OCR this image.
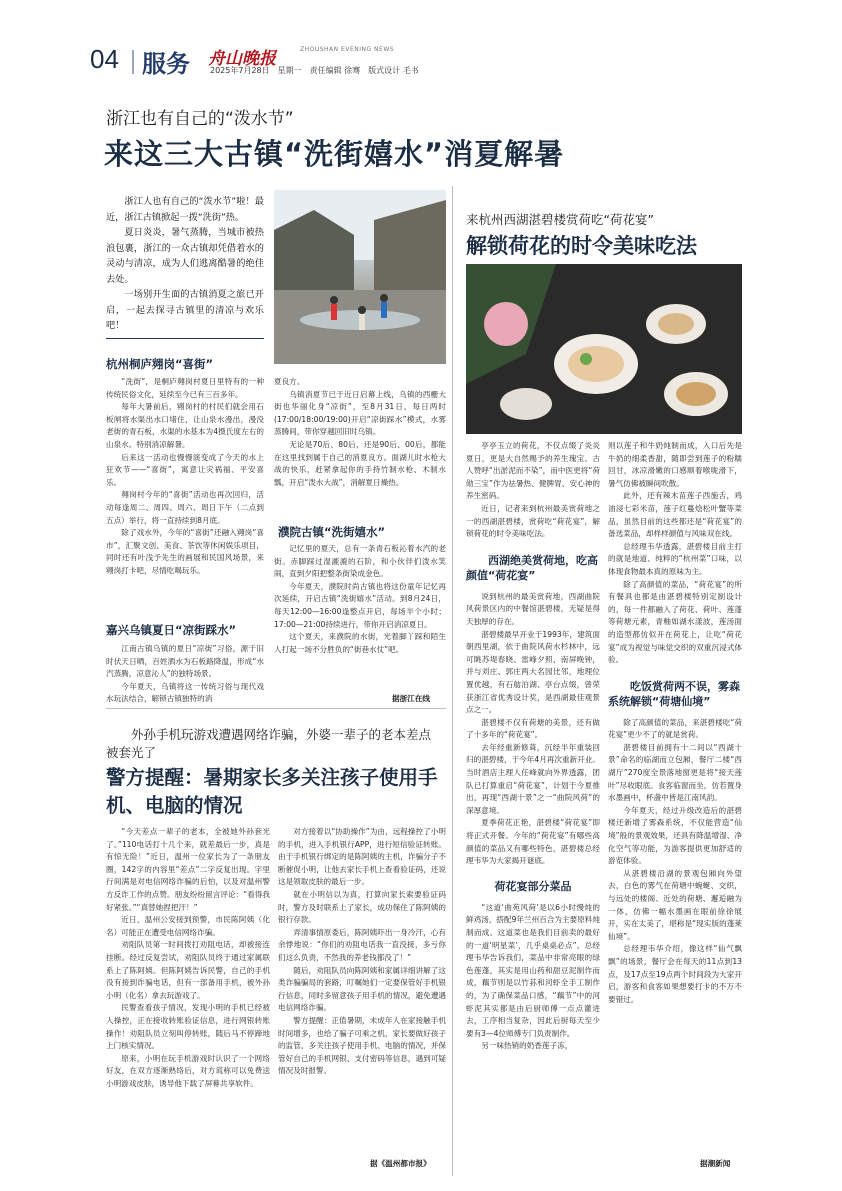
04 服务 舟山晚报	ZHOUSHAN EVENING NEWS
2025年7月28日　星期一　责任编辑 徐骞　版式设计 毛书
浙江也有自己的“泼水节”
来这三大古镇“洗街嬉水”消夏解暑

浙江人也有自己的“泼水节”啦！最近，浙江古镇掀起一拨“洗街”热。

夏日炎炎，暑气蒸腾，当城市被热浪包裹，浙江的一众古镇却凭借着水的灵动与清凉，成为人们逃离酷暑的绝佳去处。

一场别开生面的古镇消夏之旅已开启，一起去探寻古镇里的清凉与欢乐吧！

杭州桐庐翙岗“喜街”

“洗街”，是桐庐翙岗村夏日里特有的一种传统民俗文化，延续至今已有三百多年。

每年大暑前后，翙岗村的村民们就会用石板闸将水渠出水口堵住，让山泉水漫出，漫没老街的青石板，水渠的水基本为4摄氏度左右的山泉水。特别消凉解暑。

后来这一活动也慢慢演变成了今天的水上狂欢节——“喜街”，寓意让灾祸福、平安喜乐。

翙岗村今年的“喜街”活动也再次回归，活动每逢周二、周四、周六、周日下午（二点到五点）举行，将一直持续到8月底。

除了戏水外，今年的“喜街”还融入翙岗“喜市”，汇聚文创、美食、茶饮等休闲娱乐项目，同时还有叶浅予先生的画展和民国风场景，来翙岗打卡吧，尽情吃喝玩乐。

嘉兴乌镇夏日“凉街踩水”

江南古镇乌镇的夏日“凉街”习俗，源于旧时伏天日晒，百姓洒水为石板路降温，形成“水汽蒸腾，凉意沁人”的独特场景。

今年夏天，乌镇将这一传统习俗与现代戏水玩法结合，解锁古镇独特的消

夏良方。

乌镇消夏节已于近日启幕上线，乌镇的西栅大街也华丽化身“凉街”，至8月31日，每日两时(17:00/18:00/19:00)开启“凉街踩水”模式，水雾蒸腾间，带你穿越回旧时乌镇。

无论是70后、80后，还是90后、00后，都能在这里找到属于自己的消夏良方。面湖儿时水枪大战的快乐，赶紧拿起你的手持竹制水枪、木制水瓢，开启“泼水大战”，消解夏日燥热。

濮院古镇“洗街嬉水”

记忆里的夏天，总有一条青石板沁着水汽的老街。赤脚踩过湿漉漉的石阶，和小伙伴们泼水笑闹，直到夕阳把整条街染成金色。

今年夏天，濮院时尚古镇也将这份童年记忆再次延续，开启古镇“洗街嬉水”活动。到8月24日，每天12:00—16:00逢整点开启，每场半个小时；17:00—21:00持续进行，带你开启消凉夏日。

这个夏天，来濮院的水街，光着脚丫踩和陌生人打起一场不分胜负的“街巷水仗”吧。

据浙江在线
外孙手机玩游戏遭遇网络诈骗，外婆一辈子的老本差点被套光了
警方提醒：暑期家长多关注孩子使用手机、电脑的情况

“今天差点一辈子的老本，全被她外孙套光了。”110电话打十几个来，就差最后一步，真是有惊无险！”近日，温州一位家长为了一条朋友圈，142字的内容里“差点”二字反复出现。字里行间满是对电信网络诈骗的后怕，以及对温州警方反诈工作的点赞。朋友纷纷留言评论：“看得我好紧张。”“真替她捏把汗！”

近日，温州公安接到预警，市民陈阿姨（化名）可能正在遭受电信网络诈骗。

劝阻队员第一时间拨打劝阻电话，却被接连挂断。经过反复尝试，劝阻队员终于通过家属联系上了陈阿姨。但陈阿姨告诉民警，自己的手机没有接到诈骗电话，但有一部备用手机，被外孙小明（化名）拿去玩游戏了。

民警查看孩子情况，发现小明的手机已经被人操控，正在接收转账验证信息，进行网银转账操作！劝阻队员立刻叫停转账，随后马不停蹄地上门核实情况。

原来，小明在玩手机游戏时认识了一个网络好友，在双方逐渐熟络后，对方谎称可以免费送小明游戏皮肤，诱导他下载了屏幕共享软件。

对方接着以“协助操作”为由，远程操控了小明的手机，进入手机银行APP，进行短信验证转账。由于手机银行绑定的是陈阿姨的主机，诈骗分子不断催促小明，让他去家长手机上查看验证码，还说这是领取皮肤的最后一步。

就在小明信以为真，打算向家长索要验证码时，警方及时联系上了家长，成功保住了陈阿姨的银行存款。

弄清事情原委后，陈阿姨吓出一身冷汗，心有余悸地说：“你们的劝阻电话我一直没接，多亏你们这么负责，不然我的养老钱都没了！”

随后，劝阻队员向陈阿姨和家属详细讲解了这类诈骗骗局的套路，叮嘱她们一定要保管好手机银行信息，同时多留意孩子用手机的情况，避免遭遇电信网络诈骗。

警方提醒：正值暑期，未成年人在家接触手机时间增多，也给了骗子可乘之机，家长要做好孩子的监管，多关注孩子使用手机、电脑的情况，并保管好自己的手机网银、支付密码等信息，遇到可疑情况及时报警。

据《温州都市报》
来杭州西湖湛碧楼赏荷吃“荷花宴”
解锁荷花的时令美味吃法

亭亭玉立的荷花，不仅点缀了炎炎夏日，更是大自然赐予的养生瑰宝。古人赞呼“出淤泥而不染”，而中医更将“荷勋三宝”作为祛暑热、健脾胃、安心神的养生密码。

近日，记者来到杭州最美赏荷地之一的西湖湛碧楼，赏荷吃“荷花宴”，解锁荷花的时令美味吃法。

西湖绝美赏荷地，吃高颜值“荷花宴”

说到杭州的最美赏荷地，西湖曲院风荷景区内的中餐馆湛碧楼，无疑是得天独厚的存在。

湛碧楼最早开业于1993年，建筑面朝西里湖，依于曲院风荷水杉林中，远可眺苏堤春晓、雷峰夕照、南屏晚钟，并与刘庄、郭庄两大名园比邻，地理位置优越，有石舫泊湖、亭台点缀，曾荣获浙江省优秀设计奖，是西湖最佳观景点之一。

湛碧楼不仅有荷塘的美景，还有做了十多年的“荷花宴”。

去年经重新修葺，沉经半年重装回归的湛碧楼，于今年4月再次重新开业。当时酒店主理人任峰就向外界透露，团队已打算重启“荷花宴”，计划于今夏推出，再现“西湖十景”之一“曲院风荷”的深厚意境。

夏季荷花正艳，湛碧楼“荷花宴”即将正式开餐。今年的“荷花宴”有哪些高颜值的菜品又有哪些特色，湛碧楼总经理韦华为大家揭开谜底。

荷花宴部分菜品

“这道‘曲苑风荷’是以6小时慢炖的鲜鸡汤，搭配9年兰州百合为主要原料炖制而成。这道菜也是我们目前卖的最好的一道‘明星菜’，几乎桌桌必点”。总经理韦华告诉我们，菜品中非常亮眼的绿色莲蓬，其实是用山药和甜豆泥制作而成，藕节则是以竹荪和河虾全手工制作的，为了确保菜品口感，“藕节”中的河虾泥其实都是由后厨师傅一点点灌进去，工序相当复杂，因此后厨每天至少要有3—4位师傅专门负责制作。

另一味热销的奶香莲子冻，

则以莲子和牛奶炖制而成，入口后先是牛奶的细柔香甜，随即尝到莲子的粉糯回甘，冰凉滑嫩的口感顺着喉咙滑下，暑气仿佛被瞬间吹散。

此外，还有辣木苗莲子西施舌，鸡油浸七彩米苗，莲子红蔓烩松叶蟹等菜品，虽然目前的这些都还是“荷花宴”的备选菜品，却样样颜值与风味双在线。

总经理韦华透露，湛碧楼目前主打的就是地道、纯粹的“杭州菜”口味，以体现食物最本真的原味为主。

除了高颜值的菜品，“荷花宴”的所有餐具也都是由湛碧楼特别定制设计的，每一件都融入了荷花、荷叶、莲蓬等荷塘元素，青釉如湖水漾波，莲汤面的造型都仿似开在荷花上，让吃“荷花宴”成为视觉与味觉交织的双重沉浸式体验。

吃饭赏荷两不误，雾森系统解锁“荷塘仙境”

除了高颜值的菜品，来湛碧楼吃“荷花宴”更少不了的就是赏荷。

湛碧楼目前拥有十二间以“西湖十景”命名的临湖而立包厢，餐厅二楼“西湖厅”270度全景落地窗更是将“接天莲叶”尽收眼底。食客临窗而坐，仿若置身水墨画中，杯盏中皆是江南风韵。

今年夏天，经过升级改造后的湛碧楼还新增了雾森系统，不仅能营造“仙境”般的景观效果，还具有降温增湿、净化空气等功能，为游客提供更加舒适的游览体验。

从湛碧楼沿湖的景观包厢向外望去，白色的雾气在荷塘中蜿蜒、交织，与远处的楼阁、近处的荷塘、邂逅融为一体，仿佛一幅水墨画在眼前徐徐展开，实在太美了，堪称是“现实版的蓬莱仙境”。

总经理韦华介绍，像这样“仙气飘飘”的场景，餐厅会在每天的11点到13点，及17点至19点两个时间段为大家开启，游客和食客如果想要打卡的不万不要错过。

据潮新闻
